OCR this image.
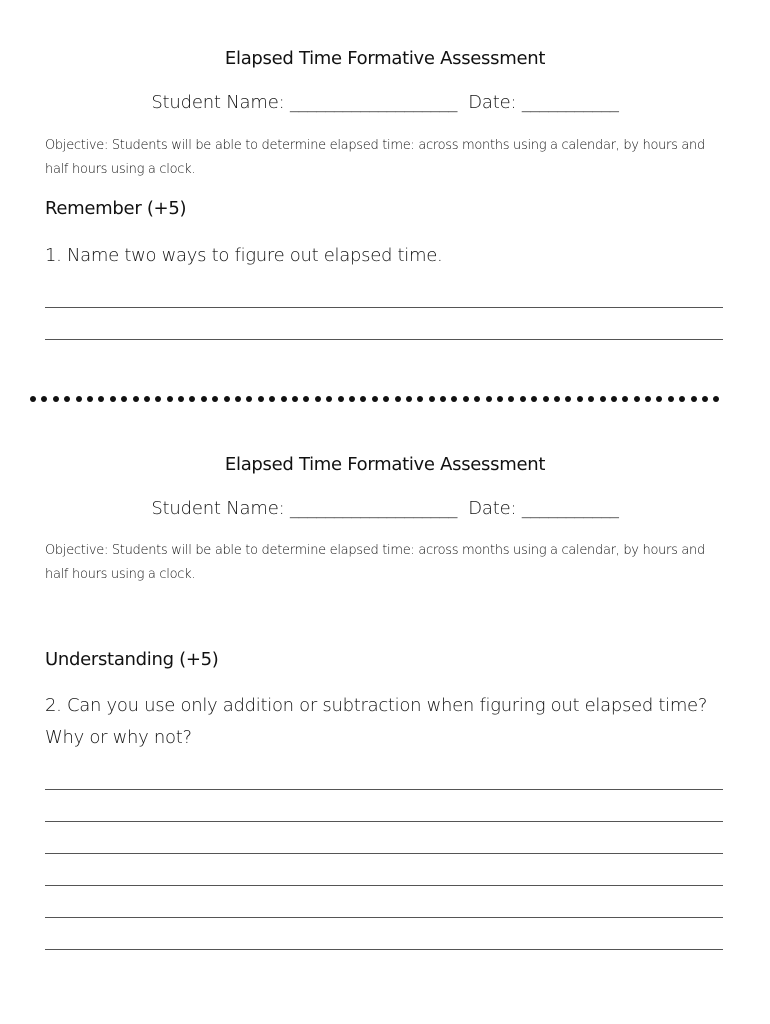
Elapsed Time Formative Assessment
Student Name: ___________________ Date: ___________
Objective: Students will be able to determine elapsed time: across months using a calendar, by hours and half hours using a clock.
Remember (+5)
1. Name two ways to figure out elapsed time.
Elapsed Time Formative Assessment
Student Name: ___________________ Date: ___________
Objective: Students will be able to determine elapsed time: across months using a calendar, by hours and half hours using a clock.
Understanding (+5)
2. Can you use only addition or subtraction when figuring out elapsed time? Why or why not?
